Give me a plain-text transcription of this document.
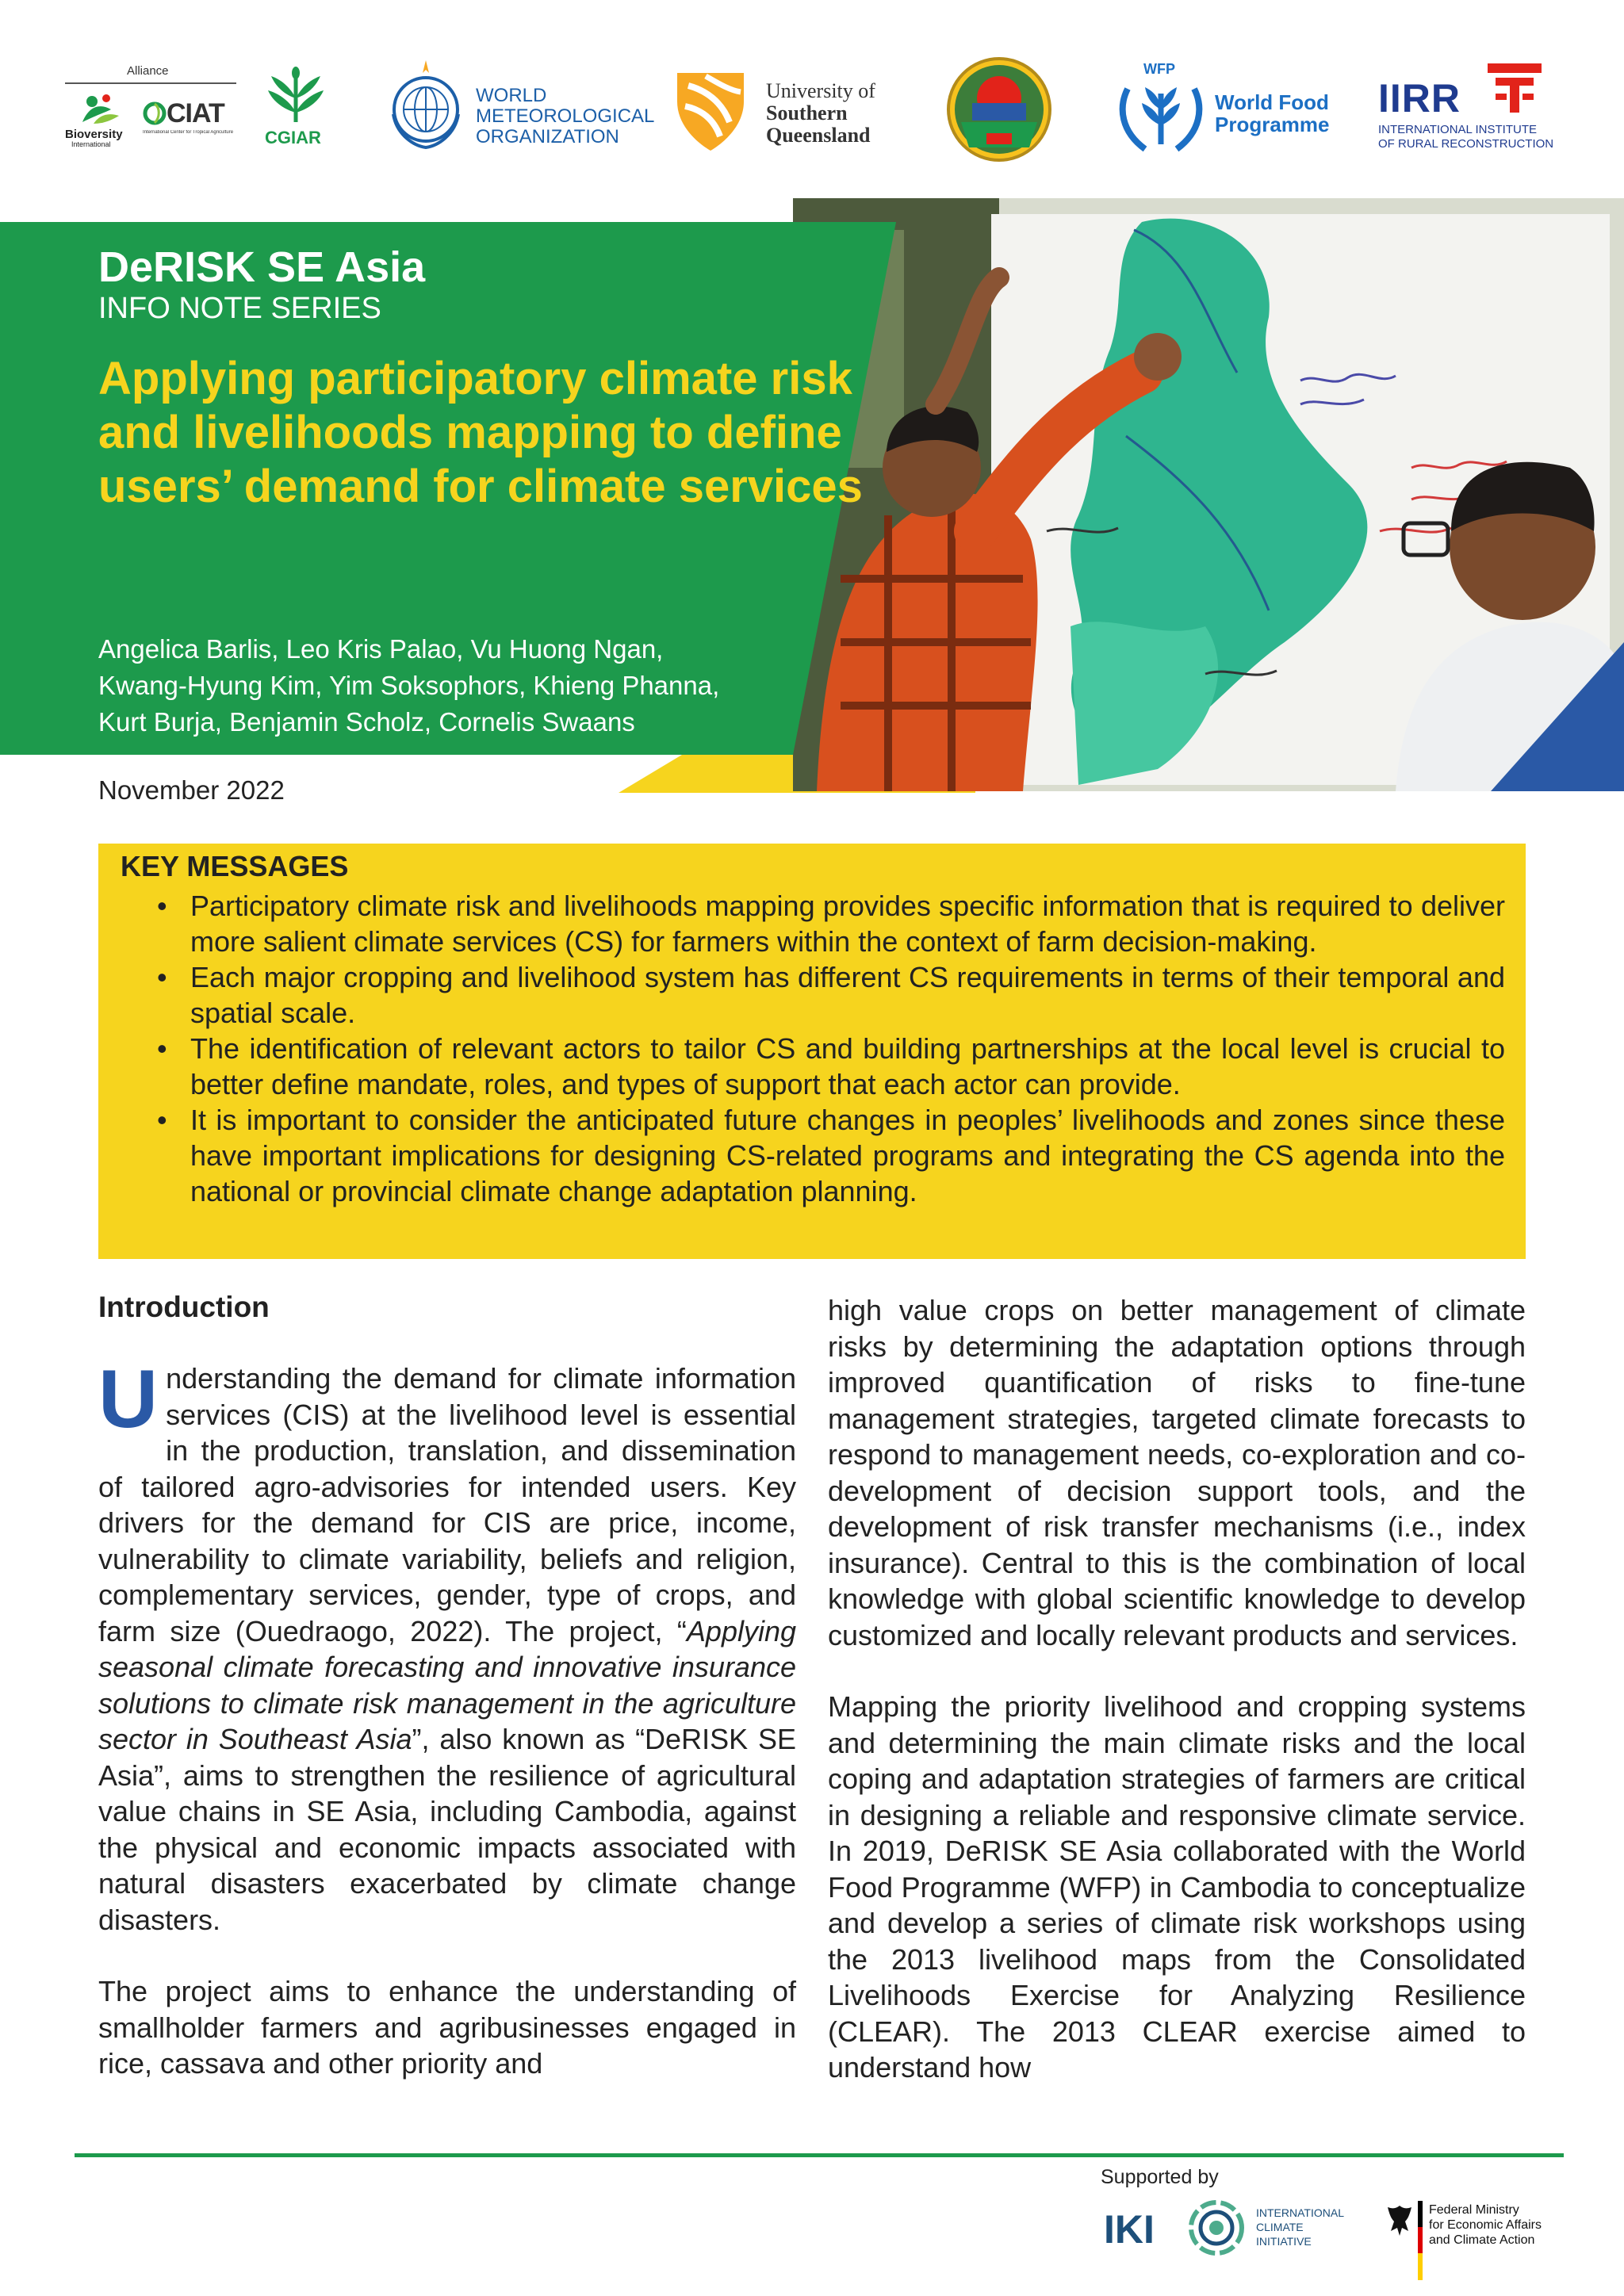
Alliance
Bioversity
International
CIAT
International Center for Tropical Agriculture	CGIAR
WORLD
METEOROLOGICAL
ORGANIZATION
University of
Southern
Queensland
WFP
World Food
Programme
IIRR
INTERNATIONAL INSTITUTE
OF RURAL RECONSTRUCTION
DeRISK SE Asia
INFO NOTE SERIES
Applying participatory climate risk and livelihoods mapping to define users’ demand for climate services
Angelica Barlis, Leo Kris Palao, Vu Huong Ngan,
Kwang-Hyung Kim, Yim Soksophors, Khieng Phanna,
Kurt Burja, Benjamin Scholz, Cornelis Swaans
November 2022
KEY MESSAGES
• Participatory climate risk and livelihoods mapping provides specific information that is required to deliver more salient climate services (CS) for farmers within the context of farm decision-making.
• Each major cropping and livelihood system has different CS requirements in terms of their temporal and spatial scale.
• The identification of relevant actors to tailor CS and building partnerships at the local level is crucial to better define mandate, roles, and types of support that each actor can provide.
• It is important to consider the anticipated future changes in peoples’ livelihoods and zones since these have important implications for designing CS-related programs and integrating the CS agenda into the national or provincial climate change adaptation planning.
Introduction

Understanding the demand for climate information services (CIS) at the livelihood level is essential in the production, translation, and dissemination of tailored agro-advisories for intended users. Key drivers for the demand for CIS are price, income, vulnerability to climate variability, beliefs and religion, complementary services, gender, type of crops, and farm size (Ouedraogo, 2022). The project, “Applying seasonal climate forecasting and innovative insurance solutions to climate risk management in the agriculture sector in Southeast Asia”, also known as “DeRISK SE Asia”, aims to strengthen the resilience of agricultural value chains in SE Asia, including Cambodia, against the physical and economic impacts associated with natural disasters exacerbated by climate change disasters.

The project aims to enhance the understanding of smallholder farmers and agribusinesses engaged in rice, cassava and other priority and

high value crops on better management of climate risks by determining the adaptation options through improved quantification of risks to fine-tune management strategies, targeted climate forecasts to respond to management needs, co-exploration and co-development of decision support tools, and the development of risk transfer mechanisms (i.e., index insurance). Central to this is the combination of local knowledge with global scientific knowledge to develop customized and locally relevant products and services.

Mapping the priority livelihood and cropping systems and determining the main climate risks and the local coping and adaptation strategies of farmers are critical in designing a reliable and responsive climate service. In 2019, DeRISK SE Asia collaborated with the World Food Programme (WFP) in Cambodia to conceptualize and develop a series of climate risk workshops using the 2013 livelihood maps from the Consolidated Livelihoods Exercise for Analyzing Resilience (CLEAR). The 2013 CLEAR exercise aimed to understand how

Supported by
IKI	INTERNATIONAL
CLIMATE
INITIATIVE
Federal Ministry
for Economic Affairs
and Climate Action
